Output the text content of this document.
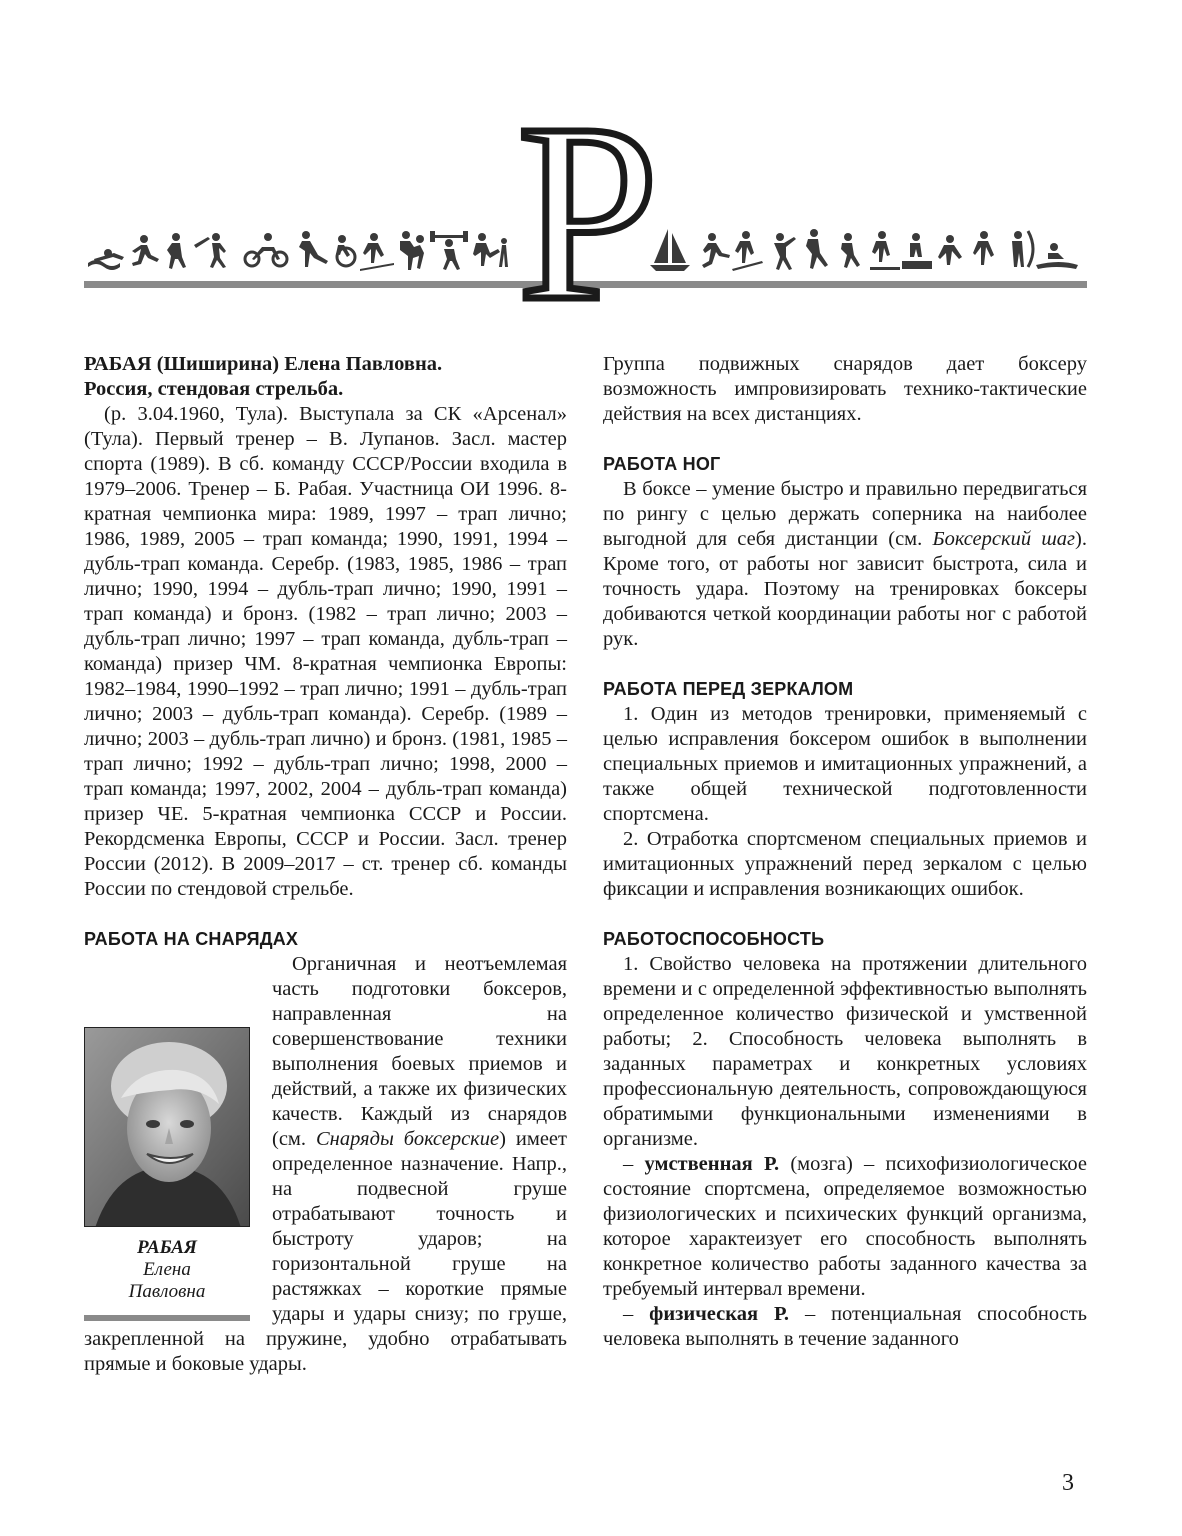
Р

РАБАЯ (Шиширина) Елена Павловна.

Россия, стендовая стрельба.

(р. 3.04.1960, Тула). Выступала за СК «Арсенал» (Тула). Первый тренер – В. Лупанов. Засл. мастер спорта (1989). В сб. команду СССР/России входила в 1979–2006. Тренер – Б. Рабая. Участница ОИ 1996. 8-кратная чемпионка мира: 1989, 1997 – трап лично; 1986, 1989, 2005 – трап команда; 1990, 1991, 1994 – дубль-трап команда. Серебр. (1983, 1985, 1986 – трап лично; 1990, 1994 – дубль-трап лично; 1990, 1991 – трап команда) и бронз. (1982 – трап лично; 2003 – дубль-трап лично; 1997 – трап команда, дубль-трап – команда) призер ЧМ. 8-кратная чемпионка Европы: 1982–1984, 1990–1992 – трап лично; 1991 – дубль-трап лично; 2003 – дубль-трап команда). Серебр. (1989 – лично; 2003 – дубль-трап лично) и бронз. (1981, 1985 – трап лично; 1992 – дубль-трап лично; 1998, 2000 – трап команда; 1997, 2002, 2004 – дубль-трап команда) призер ЧЕ. 5-кратная чемпионка СССР и России. Рекордсменка Европы, СССР и России. Засл. тренер России (2012). В 2009–2017 – ст. тренер сб. команды России по стендовой стрельбе.

РАБОТА НА СНАРЯДАХ
РАБАЯ
Елена
Павловна

Органичная и неотъемлемая часть подготовки боксеров, направленная на совершенствование техники выполнения боевых приемов и действий, а также их физических качеств. Каждый из снарядов (см. Снаряды боксерские) имеет определенное назначение. Напр., на подвесной груше отрабатывают точность и быстроту ударов; на горизонтальной груше на растяжках – короткие прямые удары и удары снизу; по груше, закрепленной на пружине, удобно отрабатывать прямые и боковые удары.

Группа подвижных снарядов дает боксеру возможность импровизировать технико-тактические действия на всех дистанциях.

РАБОТА НОГ

В боксе – умение быстро и правильно передвигаться по рингу с целью держать соперника на наиболее выгодной для себя дистанции (см. Боксерский шаг). Кроме того, от работы ног зависит быстрота, сила и точность удара. Поэтому на тренировках боксеры добиваются четкой координации работы ног с работой рук.

РАБОТА ПЕРЕД ЗЕРКАЛОМ

1. Один из методов тренировки, применяемый с целью исправления боксером ошибок в выполнении специальных приемов и имитационных упражнений, а также общей технической подготовленности спортсмена.

2. Отработка спортсменом специальных приемов и имитационных упражнений перед зеркалом с целью фиксации и исправления возникающих ошибок.

РАБОТОСПОСОБНОСТЬ

1. Свойство человека на протяжении длительного времени и с определенной эффективностью выполнять определенное количество физической и умственной работы; 2. Способность человека выполнять в заданных параметрах и конкретных условиях профессиональную деятельность, сопровождающуюся обратимыми функциональными изменениями в организме.

– умственная Р. (мозга) – психофизиологическое состояние спортсмена, определяемое возможностью физиологических и психических функций организма, которое характеизует его способность выполнять конкретное количество работы заданного качества за требуемый интервал времени.

– физическая Р. – потенциальная способность человека выполнять в течение заданного

3
